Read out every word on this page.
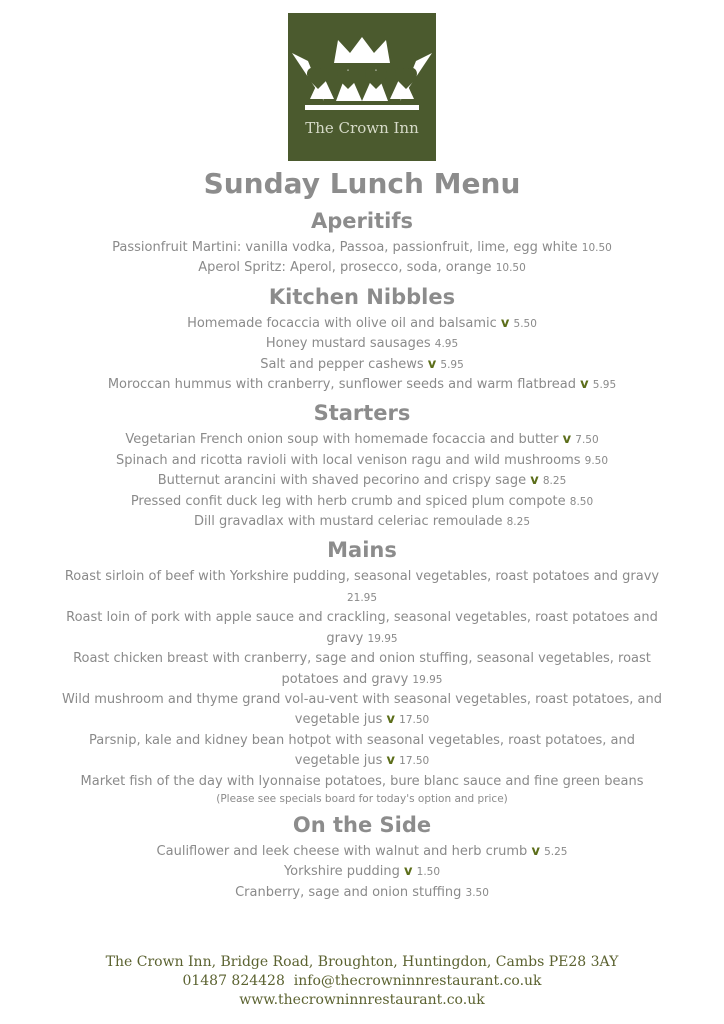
The Crown Inn
Sunday Lunch Menu
Aperitifs

Passionfruit Martini: vanilla vodka, Passoa, passionfruit, lime, egg white 10.50

Aperol Spritz: Aperol, prosecco, soda, orange 10.50

Kitchen Nibbles

Homemade focaccia with olive oil and balsamic v 5.50

Honey mustard sausages 4.95

Salt and pepper cashews v 5.95

Moroccan hummus with cranberry, sunflower seeds and warm flatbread v 5.95

Starters

Vegetarian French onion soup with homemade focaccia and butter v 7.50

Spinach and ricotta ravioli with local venison ragu and wild mushrooms 9.50

Butternut arancini with shaved pecorino and crispy sage v 8.25

Pressed confit duck leg with herb crumb and spiced plum compote 8.50

Dill gravadlax with mustard celeriac remoulade 8.25

Mains

Roast sirloin of beef with Yorkshire pudding, seasonal vegetables, roast potatoes and gravy 21.95

Roast loin of pork with apple sauce and crackling, seasonal vegetables, roast potatoes and gravy 19.95

Roast chicken breast with cranberry, sage and onion stuffing, seasonal vegetables, roast potatoes and gravy 19.95

Wild mushroom and thyme grand vol-au-vent with seasonal vegetables, roast potatoes, and vegetable jus v 17.50

Parsnip, kale and kidney bean hotpot with seasonal vegetables, roast potatoes, and vegetable jus v 17.50

Market fish of the day with lyonnaise potatoes, bure blanc sauce and fine green beans

(Please see specials board for today's option and price)

On the Side

Cauliflower and leek cheese with walnut and herb crumb v 5.25

Yorkshire pudding v 1.50

Cranberry, sage and onion stuffing 3.50

The Crown Inn, Bridge Road, Broughton, Huntingdon, Cambs PE28 3AY
01487 824428 info@thecrowninnrestaurant.co.uk
www.thecrowninnrestaurant.co.uk
